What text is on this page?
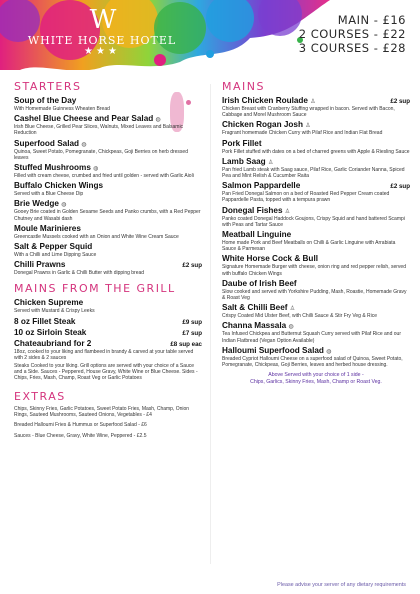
W
WHITE HORSE HOTEL
★★★
MAIN - £16
2 COURSES - £22
3 COURSES - £28
STARTERS
Soup of the Day
With Homemade Guinness Wheaten Bread
Cashel Blue Cheese and Pear Salad ◍
Irish Blue Cheese, Grilled Pear Slices, Walnuts, Mixed Leaves and Balsamic Reduction
Superfood Salad ◍
Quinoa, Sweet Potato, Pomegranate, Chickpeas, Goji Berries on herb dressed leaves
Stuffed Mushrooms ◍
Filled with cream cheese, crumbed and fried until golden - served with Garlic Aioli
Buffalo Chicken Wings
Served with a Blue Cheese Dip
Brie Wedge ◍
Gooey Brie coated in Golden Sesame Seeds and Panko crumbs, with a Red Pepper Chutney and Wasabi dash
Moule Marinieres
Greencastle Mussels cooked with an Onion and White Wine Cream Sauce
Salt & Pepper Squid
With a Chilli and Lime Dipping Sauce
Chilli Prawns	£2 sup
Donegal Prawns in Garlic & Chilli Butter with dipping bread
MAINS FROM THE GRILL
Chicken Supreme
Served with Mustard & Crispy Leeks
8 oz Fillet Steak	£9 sup
10 oz Sirloin Steak	£7 sup
Chateaubriand for 2	£8 sup eac
18oz, cooked to your liking and flambeed in brandy & carved at your table served with 2 sides & 2 sauces
Steaks Cooked to your liking. Grill options are served with your choice of a Sauce and a Side. Sauces - Peppered, House Gravy, White Wine or Blue Cheese. Sides - Chips, Fries, Mash, Champ, Roast Veg or Garlic Potatoes
EXTRAS
Chips, Skinny Fries, Garlic Potatoes, Sweet Potato Fries, Mash, Champ, Onion Rings, Sauteed Mushrooms, Sauteed Onions, Vegetables - £4
Breaded Halloumi Fries & Hummus or Superfood Salad - £6
Sauces - Blue Cheese, Gravy, White Wine, Peppered - £2.5
MAINS
Irish Chicken Roulade ♙	£2 sup
Chicken Breast with Cranberry Stuffing wrapped in bacon. Served with Bacon, Cabbage and Morel Mushroom Sauce
Chicken Rogan Josh ♙
Fragrant homemade Chicken Curry with Pilaf Rice and Indian Flat Bread
Pork Fillet
Pork Fillet stuffed with dates on a bed of charred greens with Apple & Riesling Sauce
Lamb Saag ♙
Pan fried Lamb steak with Saag sauce, Pilaf Rice, Garlic Coriander Nanna, Spiced Pea and Mint Relish & Cucumber Raita
Salmon Pappardelle	£2 sup
Pan Fried Donegal Salmon on a bed of Roasted Red Pepper Cream coated Pappardelle Pasta, topped with a tempura prawn
Donegal Fishes ♙
Panko coated Donegal Haddock Goujons, Crispy Squid and hand battered Scampi with Peas and Tartar Sauce
Meatball Linguine
Home made Pork and Beef Meatballs on Chilli & Garlic Linguine with Arrabiata Sauce & Parmesan
White Horse Cock & Bull
Signature Homemade Burger with cheese, onion ring and red pepper relish, served with buffalo Chicken Wings
Daube of Irish Beef
Slow cooked and served with Yorkshire Pudding, Mash, Roastie, Homemade Gravy & Roast Veg
Salt & Chilli Beef ♙
Crispy Coated Mid Ulster Beef, with Chilli Sauce & Stir Fry Veg & Rice
Channa Massala ◍
Tea Infused Chickpea and Butternut Squash Curry served with Pilaf Rice and our Indian Flatbread (Vegan Option Available)
Halloumi Superfood Salad ◍
Breaded Cypriot Halloumi Cheese on a superfood salad of Quinoa, Sweet Potato, Pomegranate, Chickpeas, Goji Berries, leaves and herbed house dressing.
Above Served with your choice of 1 side -
Chips, Garlics, Skinny Fries, Mash, Champ or Roast Veg.
Please advise your server of any dietary requirements
